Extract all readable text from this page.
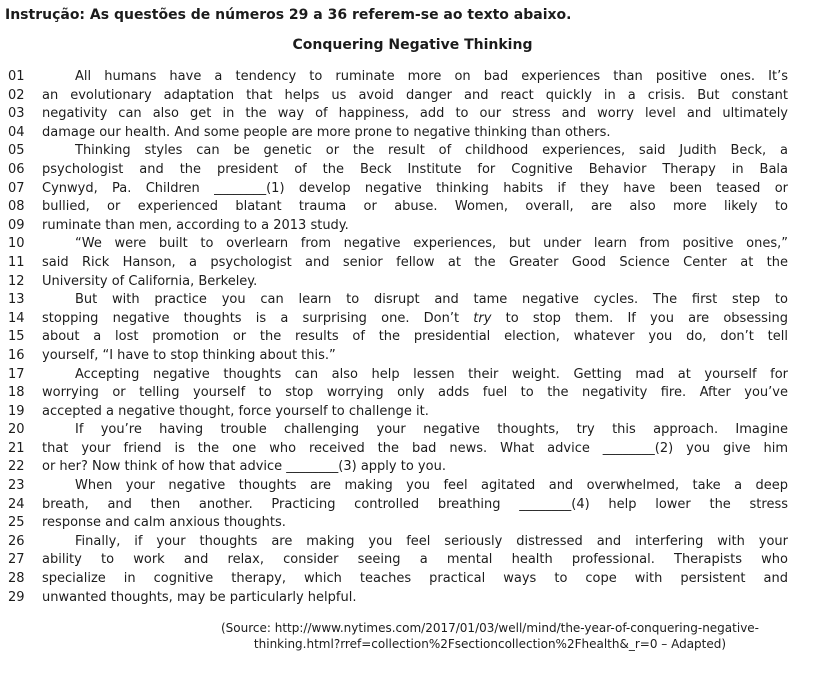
Instrução: As questões de números 29 a 36 referem-se ao texto abaixo.
Conquering Negative Thinking
01	All humans have a tendency to ruminate more on bad experiences than positive ones. It’s
02	an evolutionary adaptation that helps us avoid danger and react quickly in a crisis. But constant
03	negativity can also get in the way of happiness, add to our stress and worry level and ultimately
04	damage our health. And some people are more prone to negative thinking than others.
05	Thinking styles can be genetic or the result of childhood experiences, said Judith Beck, a
06	psychologist and the president of the Beck Institute for Cognitive Behavior Therapy in Bala
07	Cynwyd, Pa. Children ________(1) develop negative thinking habits if they have been teased or
08	bullied, or experienced blatant trauma or abuse. Women, overall, are also more likely to
09	ruminate than men, according to a 2013 study.
10	“We were built to overlearn from negative experiences, but under learn from positive ones,”
11	said Rick Hanson, a psychologist and senior fellow at the Greater Good Science Center at the
12	University of California, Berkeley.
13	But with practice you can learn to disrupt and tame negative cycles. The first step to
14	stopping negative thoughts is a surprising one. Don’t try to stop them. If you are obsessing
15	about a lost promotion or the results of the presidential election, whatever you do, don’t tell
16	yourself, “I have to stop thinking about this.”
17	Accepting negative thoughts can also help lessen their weight. Getting mad at yourself for
18	worrying or telling yourself to stop worrying only adds fuel to the negativity fire. After you’ve
19	accepted a negative thought, force yourself to challenge it.
20	If you’re having trouble challenging your negative thoughts, try this approach. Imagine
21	that your friend is the one who received the bad news. What advice ________(2) you give him
22	or her? Now think of how that advice ________(3) apply to you.
23	When your negative thoughts are making you feel agitated and overwhelmed, take a deep
24	breath, and then another. Practicing controlled breathing ________(4) help lower the stress
25	response and calm anxious thoughts.
26	Finally, if your thoughts are making you feel seriously distressed and interfering with your
27	ability to work and relax, consider seeing a mental health professional. Therapists who
28	specialize in cognitive therapy, which teaches practical ways to cope with persistent and
29	unwanted thoughts, may be particularly helpful.
(Source: http://www.nytimes.com/2017/01/03/well/mind/the-year-of-conquering-negative-
thinking.html?rref=collection%2Fsectioncollection%2Fhealth&_r=0 – Adapted)
